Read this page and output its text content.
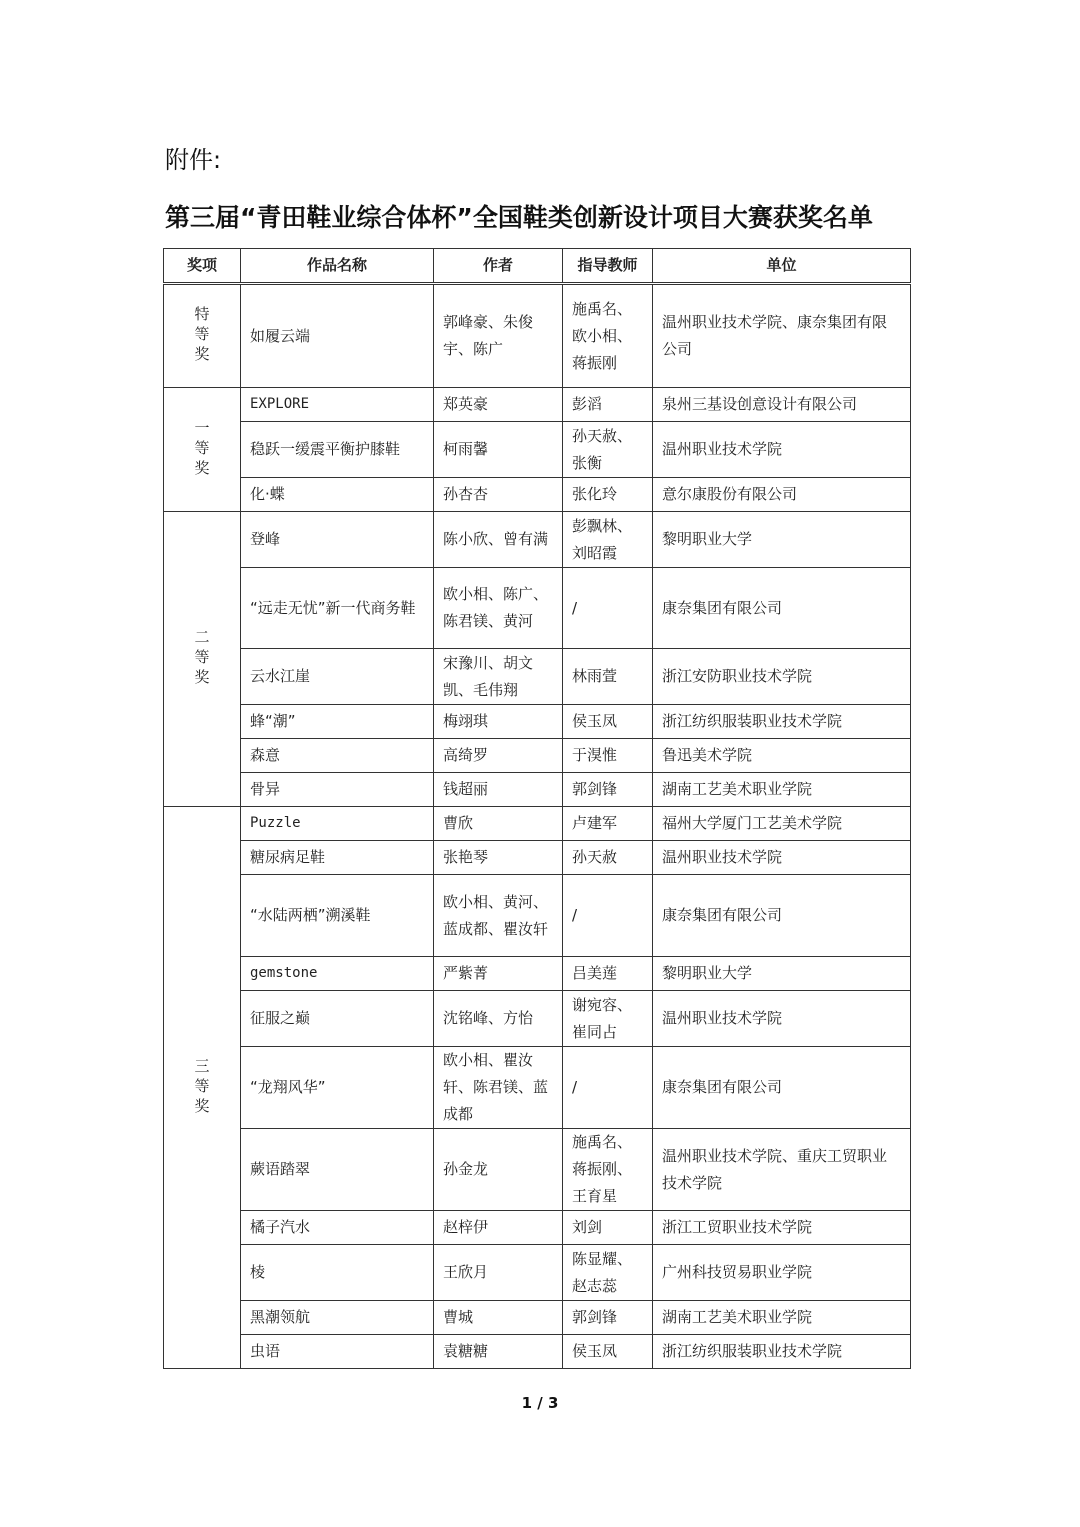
附件:
第三届“青田鞋业综合体杯”全国鞋类创新设计项目大赛获奖名单
奖项	作品名称	作者	指导教师	单位
特等奖	如履云端	郭峰豪、朱俊宇、陈广	施禹名、欧小相、蒋振刚	温州职业技术学院、康奈集团有限公司
一等奖	EXPLORE	郑英豪	彭滔	泉州三基设创意设计有限公司
	稳跃一缓震平衡护膝鞋	柯雨馨	孙天赦、张衡	温州职业技术学院
	化·蝶	孙杏杏	张化玲	意尔康股份有限公司
二等奖	登峰	陈小欣、曾有满	彭飘林、刘昭霞	黎明职业大学
	“远走无忧”新一代商务鞋	欧小相、陈广、陈君镁、黄河	/	康奈集团有限公司
	云水江崖	宋豫川、胡文凯、毛伟翔	林雨萱	浙江安防职业技术学院
	蜂“潮”	梅翊琪	侯玉凤	浙江纺织服装职业技术学院
	森意	高绮罗	于湨惟	鲁迅美术学院
	骨异	钱超丽	郭剑锋	湖南工艺美术职业学院
三等奖	Puzzle	曹欣	卢建军	福州大学厦门工艺美术学院
	糖尿病足鞋	张艳琴	孙天赦	温州职业技术学院
	“水陆两栖”溯溪鞋	欧小相、黄河、蓝成都、瞿汝轩	/	康奈集团有限公司
	gemstone	严紫菁	吕美莲	黎明职业大学
	征服之巅	沈铭峰、方怡	谢宛容、崔同占	温州职业技术学院
	“龙翔风华”	欧小相、瞿汝轩、陈君镁、蓝成都	/	康奈集团有限公司
	蕨语踏翠	孙金龙	施禹名、蒋振刚、王育星	温州职业技术学院、重庆工贸职业技术学院
	橘子汽水	赵梓伊	刘剑	浙江工贸职业技术学院
	棱	王欣月	陈显耀、赵志蕊	广州科技贸易职业学院
	黑潮领航	曹城	郭剑锋	湖南工艺美术职业学院
	虫语	袁糖糖	侯玉凤	浙江纺织服装职业技术学院
1 / 3
